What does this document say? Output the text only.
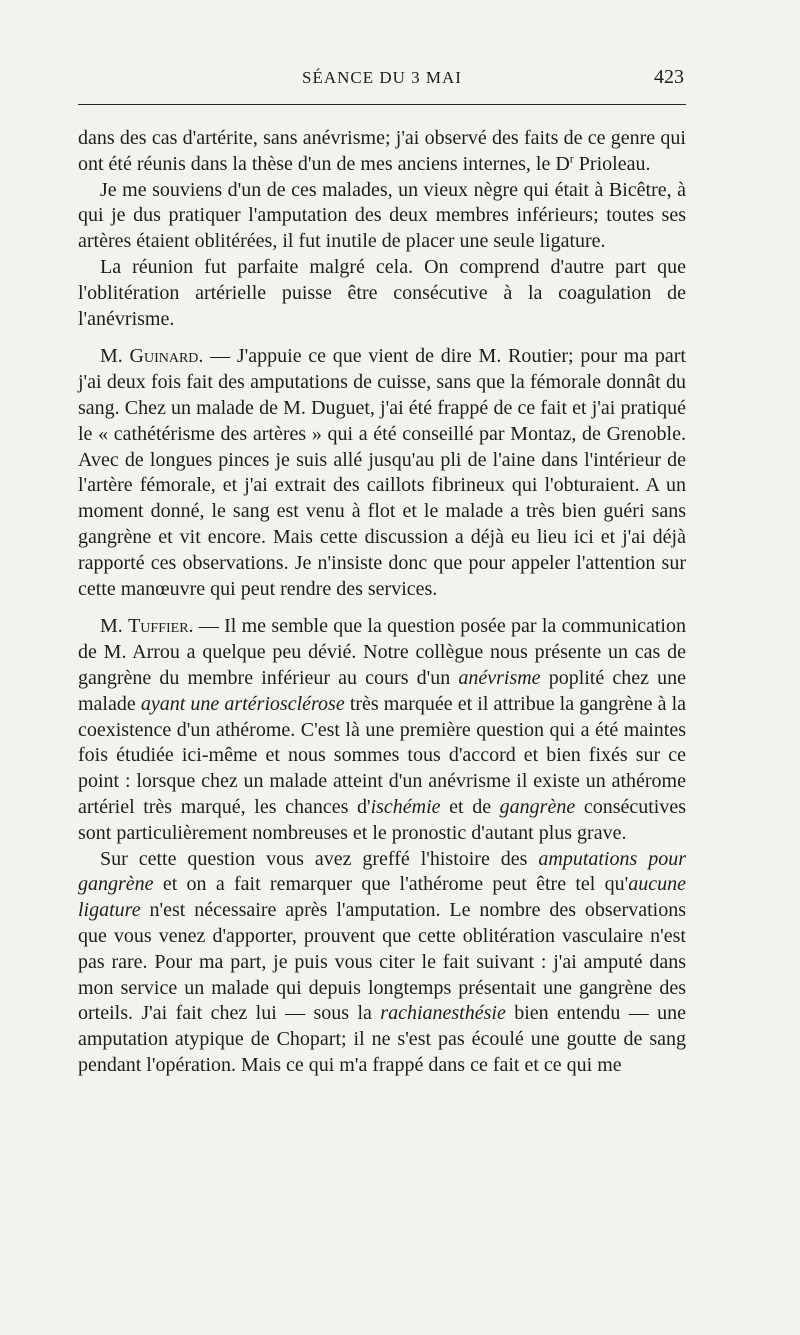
SÉANCE DU 3 MAI	423

dans des cas d'artérite, sans anévrisme; j'ai observé des faits de ce genre qui ont été réunis dans la thèse d'un de mes anciens internes, le $D^r$ Prioleau.

Je me souviens d'un de ces malades, un vieux nègre qui était à Bicêtre, à qui je dus pratiquer l'amputation des deux membres inférieurs; toutes ses artères étaient oblitérées, il fut inutile de placer une seule ligature.

La réunion fut parfaite malgré cela. On comprend d'autre part que l'oblitération artérielle puisse être consécutive à la coagulation de l'anévrisme.

M. Guinard. — J'appuie ce que vient de dire M. Routier; pour ma part j'ai deux fois fait des amputations de cuisse, sans que la fémorale donnât du sang. Chez un malade de M. Duguet, j'ai été frappé de ce fait et j'ai pratiqué le « cathétérisme des artères » qui a été conseillé par Montaz, de Grenoble. Avec de longues pinces je suis allé jusqu'au pli de l'aine dans l'intérieur de l'artère fémorale, et j'ai extrait des caillots fibrineux qui l'obturaient. A un moment donné, le sang est venu à flot et le malade a très bien guéri sans gangrène et vit encore. Mais cette discussion a déjà eu lieu ici et j'ai déjà rapporté ces observations. Je n'insiste donc que pour appeler l'attention sur cette manœuvre qui peut rendre des services.

M. Tuffier. — Il me semble que la question posée par la communication de M. Arrou a quelque peu dévié. Notre collègue nous présente un cas de gangrène du membre inférieur au cours d'un anévrisme poplité chez une malade ayant une artériosclérose très marquée et il attribue la gangrène à la coexistence d'un athérome. C'est là une première question qui a été maintes fois étudiée ici-même et nous sommes tous d'accord et bien fixés sur ce point : lorsque chez un malade atteint d'un anévrisme il existe un athérome artériel très marqué, les chances d'ischémie et de gangrène consécutives sont particulièrement nombreuses et le pronostic d'autant plus grave.

Sur cette question vous avez greffé l'histoire des amputations pour gangrène et on a fait remarquer que l'athérome peut être tel qu'aucune ligature n'est nécessaire après l'amputation. Le nombre des observations que vous venez d'apporter, prouvent que cette oblitération vasculaire n'est pas rare. Pour ma part, je puis vous citer le fait suivant : j'ai amputé dans mon service un malade qui depuis longtemps présentait une gangrène des orteils. J'ai fait chez lui — sous la rachianesthésie bien entendu — une amputation atypique de Chopart; il ne s'est pas écoulé une goutte de sang pendant l'opération. Mais ce qui m'a frappé dans ce fait et ce qui me
